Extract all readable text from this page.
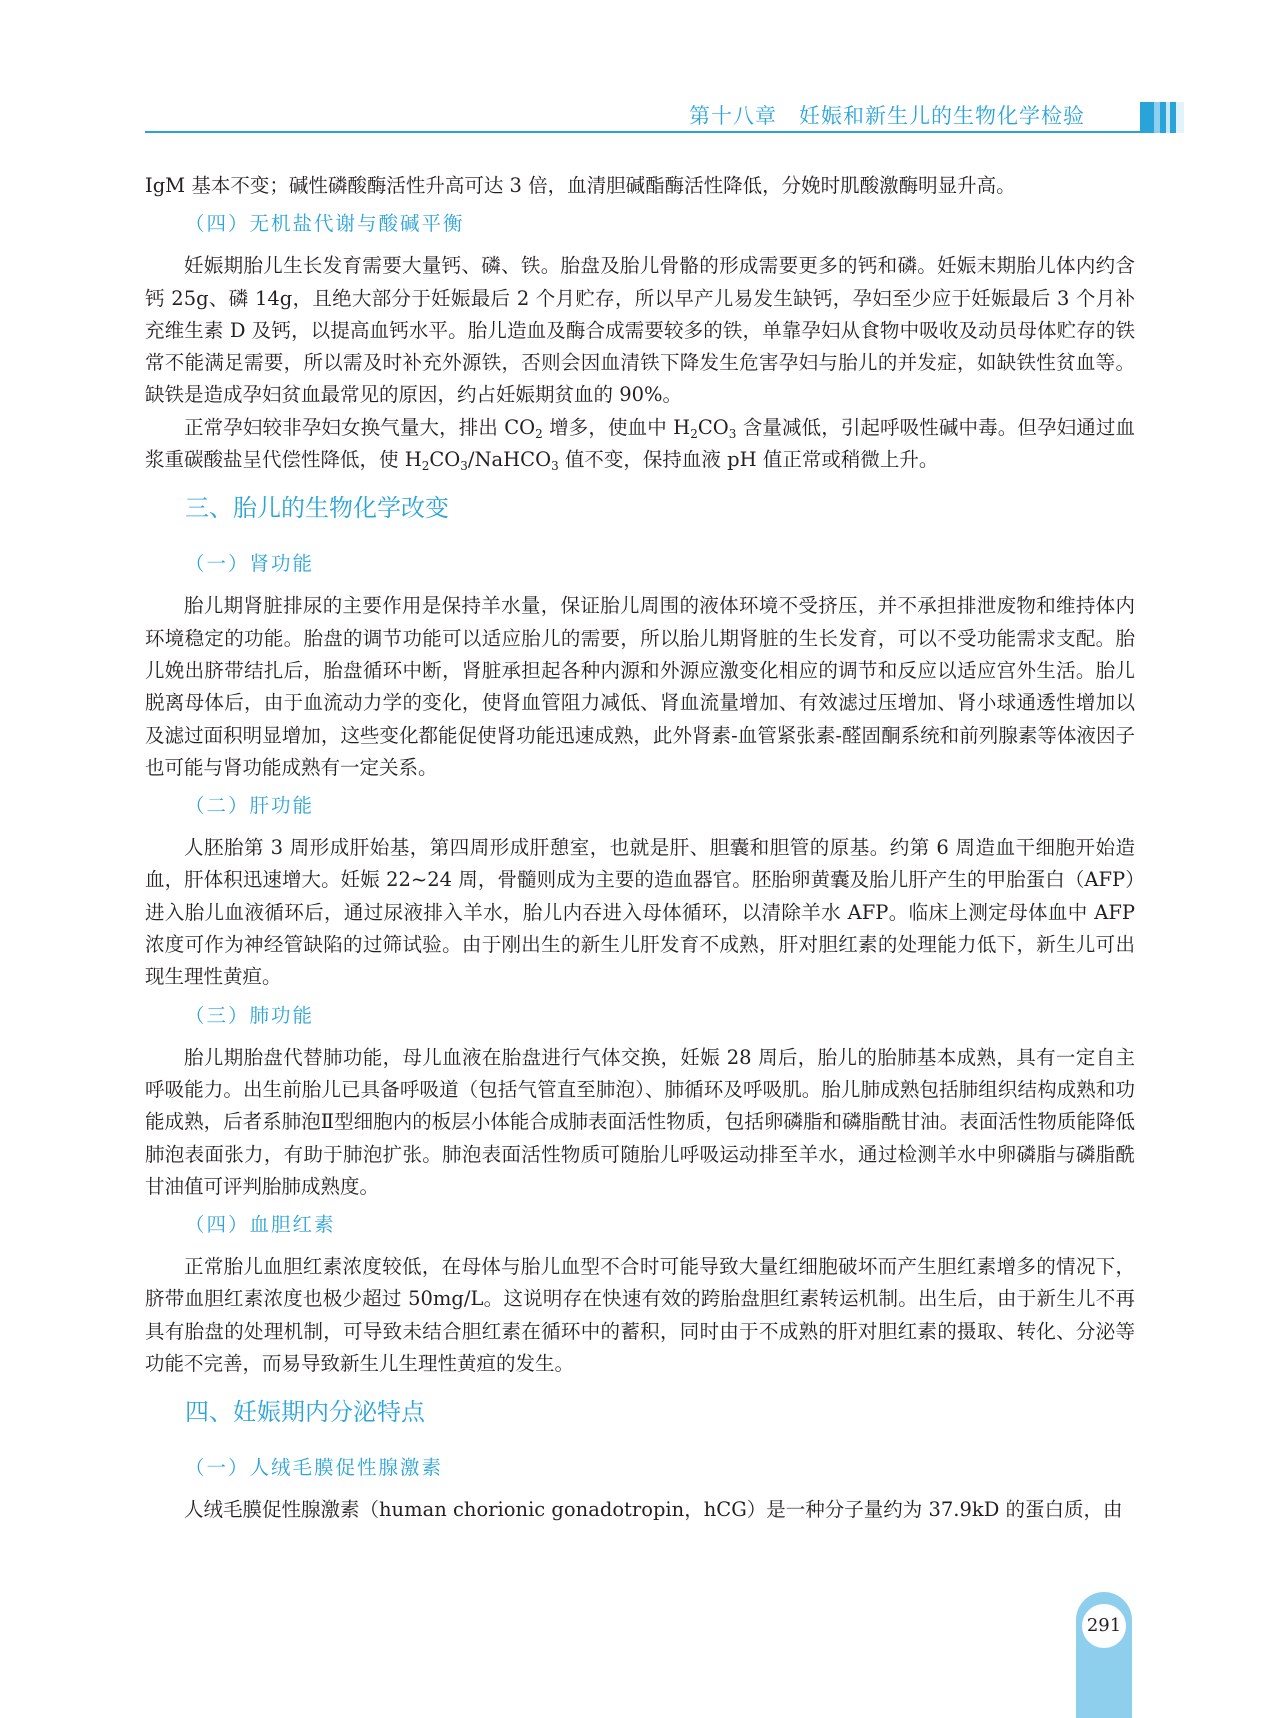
第十八章　妊娠和新生儿的生物化学检验

IgM 基本不变；碱性磷酸酶活性升高可达 3 倍，血清胆碱酯酶活性降低，分娩时肌酸激酶明显升高。

（四）无机盐代谢与酸碱平衡

妊娠期胎儿生长发育需要大量钙、磷、铁。胎盘及胎儿骨骼的形成需要更多的钙和磷。妊娠末期胎儿体内约含钙 25g、磷 14g，且绝大部分于妊娠最后 2 个月贮存，所以早产儿易发生缺钙，孕妇至少应于妊娠最后 3 个月补充维生素 D 及钙，以提高血钙水平。胎儿造血及酶合成需要较多的铁，单靠孕妇从食物中吸收及动员母体贮存的铁常不能满足需要，所以需及时补充外源铁，否则会因血清铁下降发生危害孕妇与胎儿的并发症，如缺铁性贫血等。缺铁是造成孕妇贫血最常见的原因，约占妊娠期贫血的 90%。

正常孕妇较非孕妇女换气量大，排出 $CO_2$ 增多，使血中 $H_2CO_3$ 含量减低，引起呼吸性碱中毒。但孕妇通过血浆重碳酸盐呈代偿性降低，使 $H_2CO_3/NaHCO_3$ 值不变，保持血液 pH 值正常或稍微上升。

三、胎儿的生物化学改变
（一）肾功能

胎儿期肾脏排尿的主要作用是保持羊水量，保证胎儿周围的液体环境不受挤压，并不承担排泄废物和维持体内环境稳定的功能。胎盘的调节功能可以适应胎儿的需要，所以胎儿期肾脏的生长发育，可以不受功能需求支配。胎儿娩出脐带结扎后，胎盘循环中断，肾脏承担起各种内源和外源应激变化相应的调节和反应以适应宫外生活。胎儿脱离母体后，由于血流动力学的变化，使肾血管阻力减低、肾血流量增加、有效滤过压增加、肾小球通透性增加以及滤过面积明显增加，这些变化都能促使肾功能迅速成熟，此外肾素-血管紧张素-醛固酮系统和前列腺素等体液因子也可能与肾功能成熟有一定关系。

（二）肝功能

人胚胎第 3 周形成肝始基，第四周形成肝憩室，也就是肝、胆囊和胆管的原基。约第 6 周造血干细胞开始造血，肝体积迅速增大。妊娠 22~24 周，骨髓则成为主要的造血器官。胚胎卵黄囊及胎儿肝产生的甲胎蛋白（AFP）进入胎儿血液循环后，通过尿液排入羊水，胎儿内吞进入母体循环，以清除羊水 AFP。临床上测定母体血中 AFP 浓度可作为神经管缺陷的过筛试验。由于刚出生的新生儿肝发育不成熟，肝对胆红素的处理能力低下，新生儿可出现生理性黄疸。

（三）肺功能

胎儿期胎盘代替肺功能，母儿血液在胎盘进行气体交换，妊娠 28 周后，胎儿的胎肺基本成熟，具有一定自主呼吸能力。出生前胎儿已具备呼吸道（包括气管直至肺泡）、肺循环及呼吸肌。胎儿肺成熟包括肺组织结构成熟和功能成熟，后者系肺泡Ⅱ型细胞内的板层小体能合成肺表面活性物质，包括卵磷脂和磷脂酰甘油。表面活性物质能降低肺泡表面张力，有助于肺泡扩张。肺泡表面活性物质可随胎儿呼吸运动排至羊水，通过检测羊水中卵磷脂与磷脂酰甘油值可评判胎肺成熟度。

（四）血胆红素

正常胎儿血胆红素浓度较低，在母体与胎儿血型不合时可能导致大量红细胞破坏而产生胆红素增多的情况下，脐带血胆红素浓度也极少超过 50mg/L。这说明存在快速有效的跨胎盘胆红素转运机制。出生后，由于新生儿不再具有胎盘的处理机制，可导致未结合胆红素在循环中的蓄积，同时由于不成熟的肝对胆红素的摄取、转化、分泌等功能不完善，而易导致新生儿生理性黄疸的发生。

四、妊娠期内分泌特点
（一）人绒毛膜促性腺激素

人绒毛膜促性腺激素（human chorionic gonadotropin，hCG）是一种分子量约为 37.9kD 的蛋白质，由

291
